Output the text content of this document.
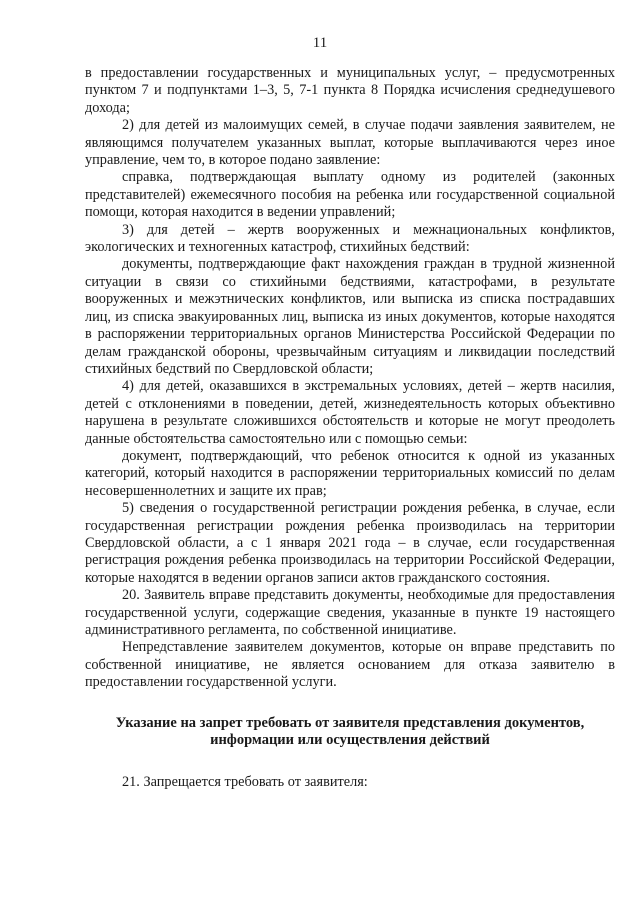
11

в предоставлении государственных и муниципальных услуг, – предусмотренных пунктом 7 и подпунктами 1–3, 5, 7-1 пункта 8 Порядка исчисления среднедушевого дохода;

2) для детей из малоимущих семей, в случае подачи заявления заявителем, не являющимся получателем указанных выплат, которые выплачиваются через иное управление, чем то, в которое подано заявление:

справка, подтверждающая выплату одному из родителей (законных представителей) ежемесячного пособия на ребенка или государственной социальной помощи, которая находится в ведении управлений;

3) для детей – жертв вооруженных и межнациональных конфликтов, экологических и техногенных катастроф, стихийных бедствий:

документы, подтверждающие факт нахождения граждан в трудной жизненной ситуации в связи со стихийными бедствиями, катастрофами, в результате вооруженных и межэтнических конфликтов, или выписка из списка пострадавших лиц, из списка эвакуированных лиц, выписка из иных документов, которые находятся в распоряжении территориальных органов Министерства Российской Федерации по делам гражданской обороны, чрезвычайным ситуациям и ликвидации последствий стихийных бедствий по Свердловской области;

4) для детей, оказавшихся в экстремальных условиях, детей – жертв насилия, детей с отклонениями в поведении, детей, жизнедеятельность которых объективно нарушена в результате сложившихся обстоятельств и которые не могут преодолеть данные обстоятельства самостоятельно или с помощью семьи:

документ, подтверждающий, что ребенок относится к одной из указанных категорий, который находится в распоряжении территориальных комиссий по делам несовершеннолетних и защите их прав;

5) сведения о государственной регистрации рождения ребенка, в случае, если государственная регистрации рождения ребенка производилась на территории Свердловской области, а с 1 января 2021 года – в случае, если государственная регистрация рождения ребенка производилась на территории Российской Федерации, которые находятся в ведении органов записи актов гражданского состояния.

20. Заявитель вправе представить документы, необходимые для предоставления государственной услуги, содержащие сведения, указанные в пункте 19 настоящего административного регламента, по собственной инициативе.

Непредставление заявителем документов, которые он вправе представить по собственной инициативе, не является основанием для отказа заявителю в предоставлении государственной услуги.

Указание на запрет требовать от заявителя представления документов, информации или осуществления действий

21. Запрещается требовать от заявителя:
